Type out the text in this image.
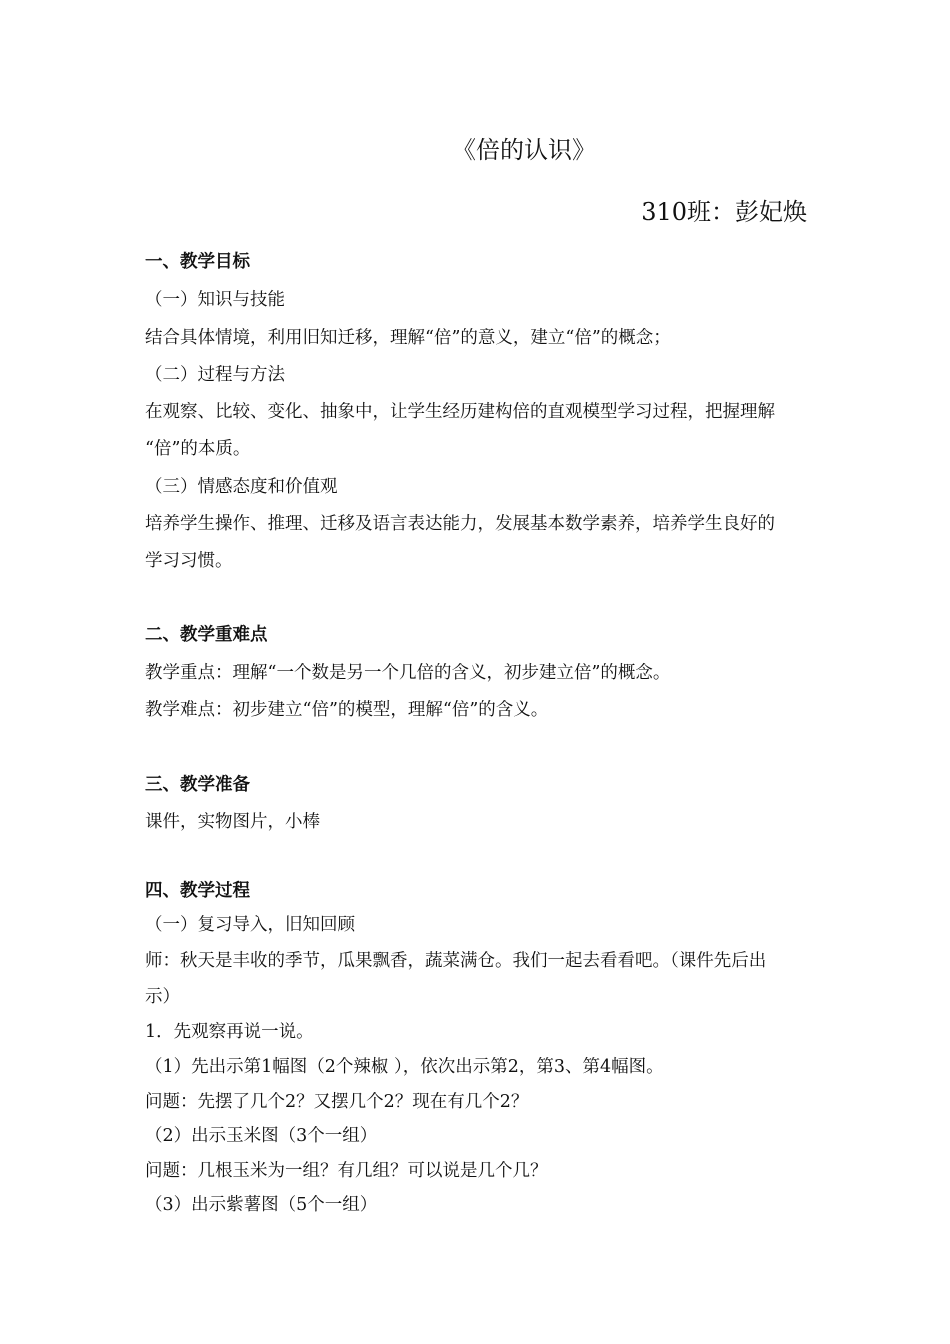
《倍的认识》
310班：彭妃焕
一、教学目标
（一）知识与技能
结合具体情境，利用旧知迁移，理解“倍”的意义，建立“倍”的概念；
（二）过程与方法
在观察、比较、变化、抽象中，让学生经历建构倍的直观模型学习过程，把握理解
“倍”的本质。
（三）情感态度和价值观
培养学生操作、推理、迁移及语言表达能力，发展基本数学素养，培养学生良好的
学习习惯。
二、教学重难点
教学重点：理解“一个数是另一个几倍的含义，初步建立倍”的概念。
教学难点：初步建立“倍”的模型，理解“倍”的含义。
三、教学准备
课件，实物图片，小棒
四、教学过程
（一）复习导入，旧知回顾
师：秋天是丰收的季节，瓜果飘香，蔬菜满仓。我们一起去看看吧。（课件先后出
示）
1．先观察再说一说。
（1）先出示第1幅图（2个辣椒 ），依次出示第2，第3、第4幅图。
问题：先摆了几个2？又摆几个2？现在有几个2？
（2）出示玉米图（3个一组）
问题：几根玉米为一组？有几组？可以说是几个几？
（3）出示紫薯图（5个一组）
